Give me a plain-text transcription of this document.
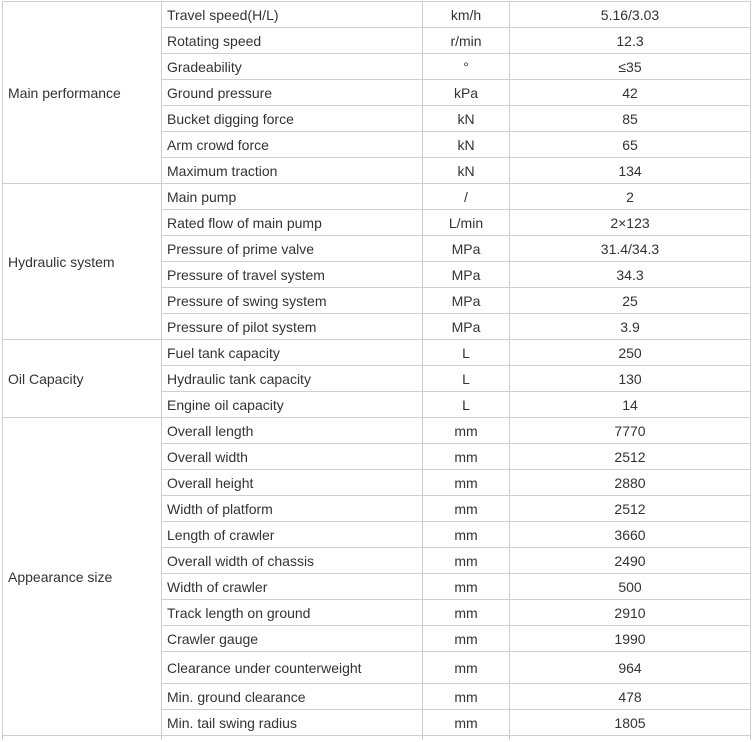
Main performance	Travel speed(H/L)	km/h	5.16/3.03
	Rotating speed	r/min	12.3
	Gradeability	°	≤35
	Ground pressure	kPa	42
	Bucket digging force	kN	85
	Arm crowd force	kN	65
	Maximum traction	kN	134
Hydraulic system	Main pump	/	2
	Rated flow of main pump	L/min	2×123
	Pressure of prime valve	MPa	31.4/34.3
	Pressure of travel system	MPa	34.3
	Pressure of swing system	MPa	25
	Pressure of pilot system	MPa	3.9
Oil Capacity	Fuel tank capacity	L	250
	Hydraulic tank capacity	L	130
	Engine oil capacity	L	14
Appearance size	Overall length	mm	7770
	Overall width	mm	2512
	Overall height	mm	2880
	Width of platform	mm	2512
	Length of crawler	mm	3660
	Overall width of chassis	mm	2490
	Width of crawler	mm	500
	Track length on ground	mm	2910
	Crawler gauge	mm	1990
	Clearance under counterweight	mm	964
	Min. ground clearance	mm	478
	Min. tail swing radius	mm	1805
